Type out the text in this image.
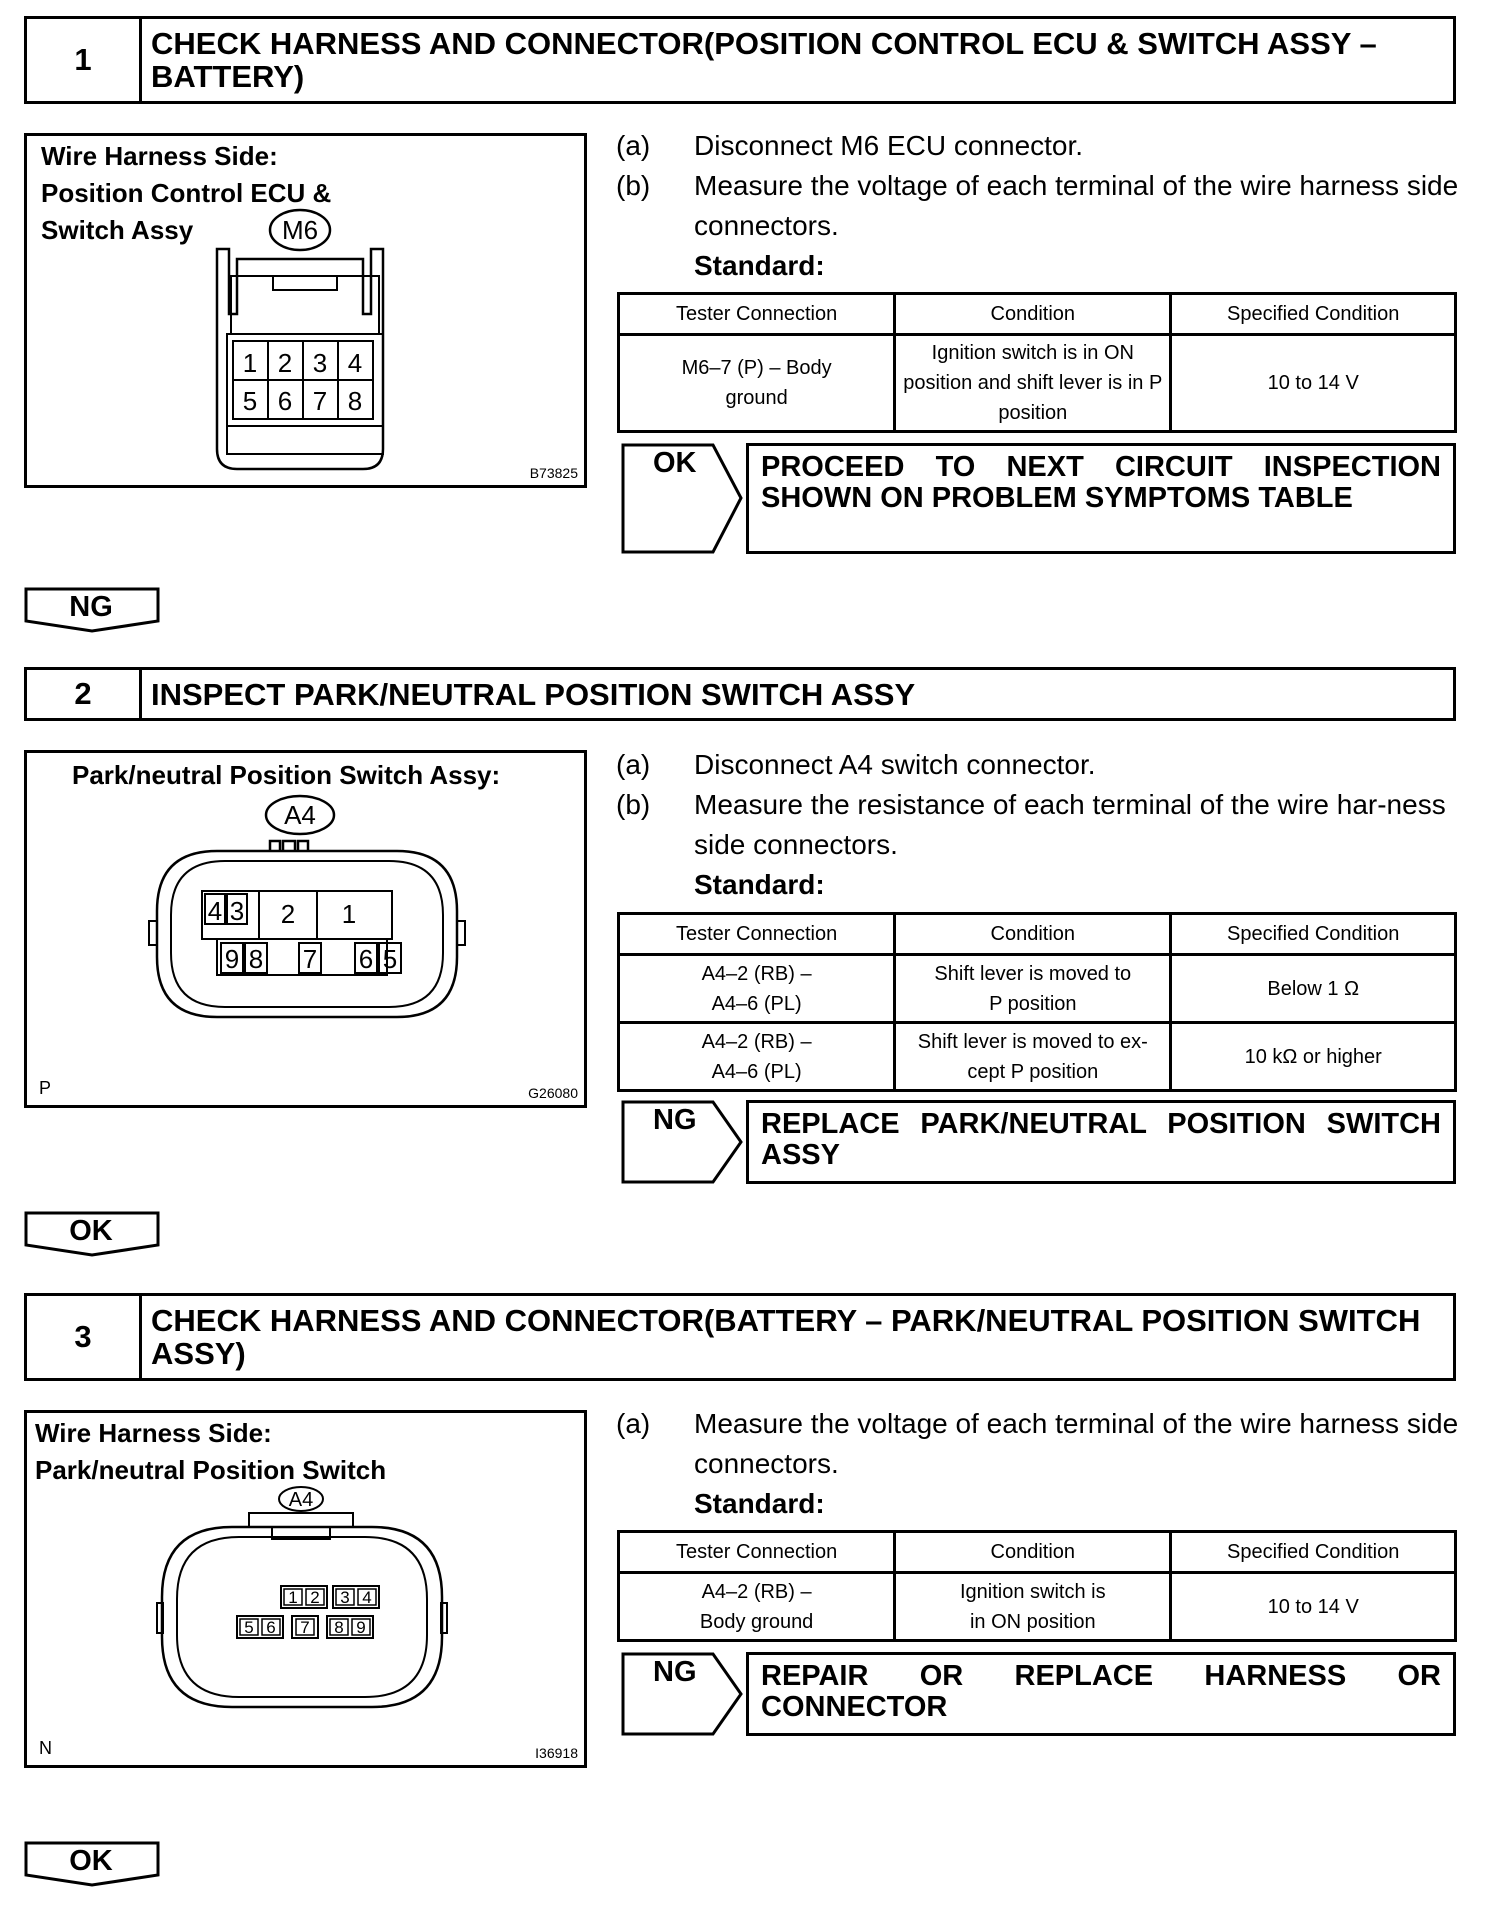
1	CHECK HARNESS AND CONNECTOR(POSITION CONTROL ECU & SWITCH ASSY – BATTERY)
Wire Harness Side:
Position Control ECU &
Switch Assy	M6
1 2 3 4
5 6 7 8
B73825
(a) Disconnect M6 ECU connector.
(b) Measure the voltage of each terminal of the wire harness side connectors.
Standard:
Tester Connection	Condition	Specified Condition
M6–7 (P) – Body ground	Ignition switch is in ON position and shift lever is in P position	10 to 14 V
OK	PROCEED TO NEXT CIRCUIT INSPECTION SHOWN ON PROBLEM SYMPTOMS TABLE
NG
2	INSPECT PARK/NEUTRAL POSITION SWITCH ASSY
Park/neutral Position Switch Assy:
A4
4 3 2 1
9 8 7 6 5
P	G26080
(a) Disconnect A4 switch connector.
(b) Measure the resistance of each terminal of the wire har-ness side connectors.
Standard:
Tester Connection	Condition	Specified Condition
A4–2 (RB) – A4–6 (PL)	Shift lever is moved to P position	Below 1 Ω
A4–2 (RB) – A4–6 (PL)	Shift lever is moved to ex-cept P position	10 kΩ or higher
NG	REPLACE PARK/NEUTRAL POSITION SWITCH ASSY
OK
3	CHECK HARNESS AND CONNECTOR(BATTERY – PARK/NEUTRAL POSITION SWITCH ASSY)
Wire Harness Side:
Park/neutral Position Switch
A4
1 2 3 4
5 6 7 8 9
N	I36918
(a) Measure the voltage of each terminal of the wire harness side connectors.
Standard:
Tester Connection	Condition	Specified Condition
A4–2 (RB) – Body ground	Ignition switch is in ON position	10 to 14 V
NG	REPAIR OR REPLACE HARNESS OR CONNECTOR
OK
